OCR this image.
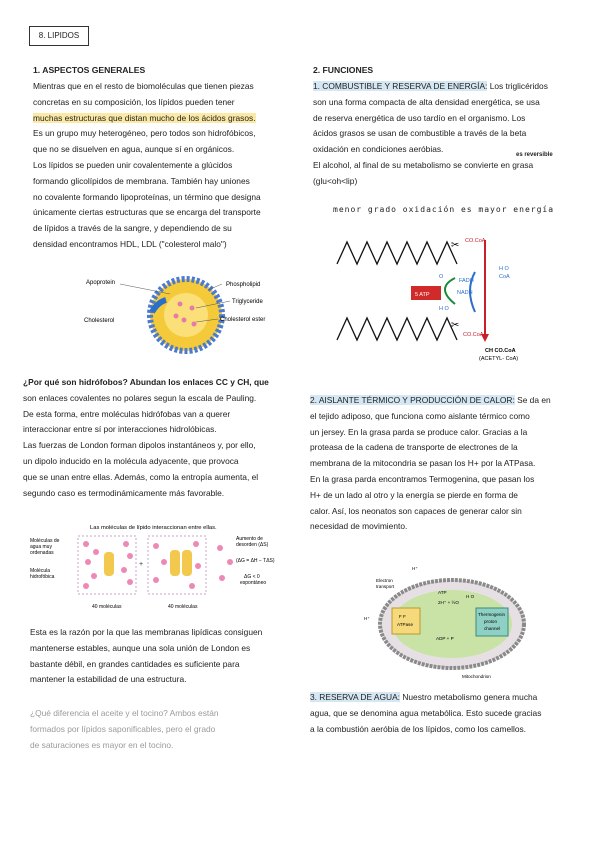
8. LIPIDOS
1. ASPECTOS GENERALES
Mientras que en el resto de biomoléculas que tienen piezas
concretas en su composición, los lípidos pueden tener
muchas estructuras que distan mucho de los ácidos grasos.
Es un grupo muy heterogéneo, pero todos son hidrofóbicos,
que no se disuelven en agua, aunque sí en orgánicos.
Los lípidos se pueden unir covalentemente a glúcidos
formando glicolípidos de membrana. También hay uniones
no covalente formando lipoproteínas, un término que designa
únicamente ciertas estructuras que se encarga del transporte
de lípidos a través de la sangre, y dependiendo de su
densidad encontramos HDL, LDL ("colesterol malo")
Apoprotein
Cholesterol
Phospholipid
Triglyceride
Cholesterol ester
¿Por qué son hidrófobos? Abundan los enlaces CC y CH, que
son enlaces covalentes no polares segun la escala de Pauling.
De esta forma, entre moléculas hidrófobas van a querer
interaccionar entre sí por interacciones hidrolóbicas.
Las fuerzas de London forman dipolos instantáneos y, por ello,
un dipolo inducido en la molécula adyacente, que provoca
que se unan entre ellas. Además, como la entropía aumenta, el
segundo caso es termodinámicamente más favorable.
Las moléculas de lípido interaccionan entre ellas.
+
Moléculas de
agua muy
ordenadas
Molécula
hidrofóbica
Aumento de
desorden (ΔS)
(ΔG = ΔH − TΔS)
ΔG < 0
espontáneo
40 moléculas	40 moléculas
Esta es la razón por la que las membranas lipídicas consiguen
mantenerse estables, aunque una sola unión de London es
bastante débil, en grandes cantidades es suficiente para
mantener la estabilidad de una estructura.
¿Qué diferencia el aceite y el tocino? Ambos están
formados por lípidos saponificables, pero el grado
de saturaciones es mayor en el tocino.
2. FUNCIONES
1. COMBUSTIBLE Y RESERVA DE ENERGÍA: Los triglicéridos
son una forma compacta de alta densidad energética, se usa
de reserva energética de uso tardío en el organismo. Los
ácidos grasos se usan de combustible a través de la beta
oxidación en condiciones aeróbias.
El alcohol, al final de su metabolismo se convierte en grasa
(glu<oh<lip)
es reversible
menor grado oxidación es mayor energía
5 ATP
CO.CoA
O
FADH
NADH
H O
H O
CoA
CO.CoA
CH CO.CoA
(ACETYL- CoA)
✂
✂
2. AISLANTE TÉRMICO Y PRODUCCIÓN DE CALOR: Se da en
el tejido adiposo, que funciona como aislante térmico como
un jersey. En la grasa parda se produce calor. Gracias a la
proteasa de la cadena de transporte de electrones de la
membrana de la mitocondria se pasan los H+ por la ATPasa.
En la grasa parda encontramos Termogenina, que pasan los
H+ de un lado al otro y la energía se pierde en forma de
calor. Así, los neonatos son capaces de generar calor sin
necesidad de movimiento.
Electron
transport
H⁺
H⁺
ATP
2H⁺ + ½O
H O
F F
ATPase
ADP + P
Thermogenin
proton
channel
Mitochondrion
3. RESERVA DE AGUA: Nuestro metabolismo genera mucha
agua, que se denomina agua metabólica. Esto sucede gracias
a la combustión aeróbia de los lípidos, como los camellos.
